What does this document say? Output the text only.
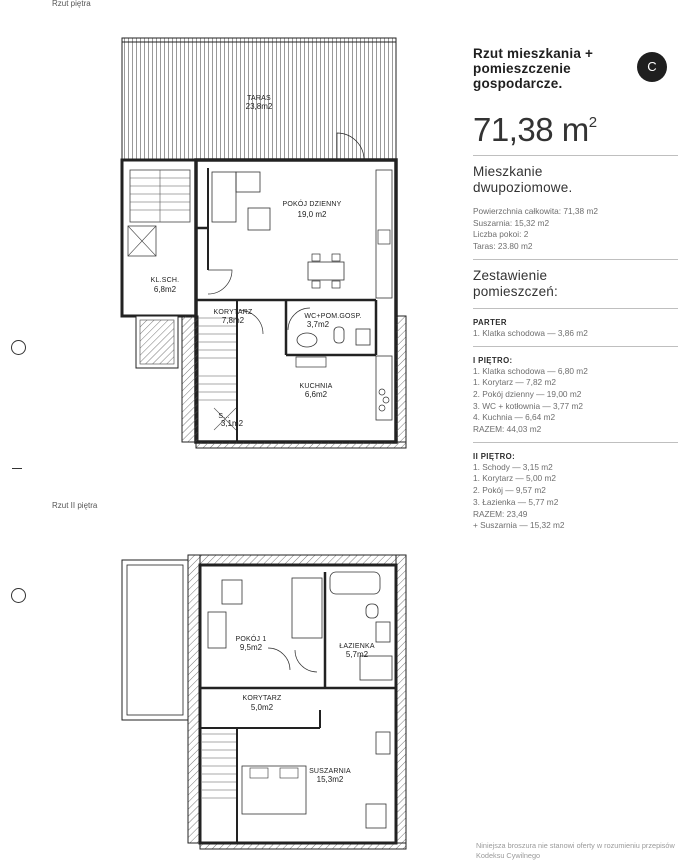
Rzut piętra
Rzut II piętra
TARAS
23,8m2
POKÓJ DZIENNY
19,0 m2
KL.SCH.
6,8m2
KORYTARZ
7,8m2	WC+POM.GOSP.
3,7m2
KUCHNIA
6,6m2
S...
3,1m2
POKÓJ 1
9,5m2	ŁAZIENKA
5,7m2
KORYTARZ
5,0m2
SUSZARNIA
15,3m2
Rzut mieszkania + pomieszczenie gospodarcze.
C
71,38 $m^2$
Mieszkanie dwupoziomowe.
Powierzchnia całkowita: 71,38 m2
Suszarnia: 15,32 m2
Liczba pokoi: 2
Taras: 23.80 m2
Zestawienie pomieszczeń:
PARTER
1. Klatka schodowa — 3,86 m2
I PIĘTRO:
1. Klatka schodowa — 6,80 m2
1. Korytarz — 7,82 m2
2. Pokój dzienny — 19,00 m2
3. WC + kotłownia — 3,77 m2
4. Kuchnia — 6,64 m2
RAZEM: 44,03 m2
II PIĘTRO:
1. Schody — 3,15 m2
1. Korytarz — 5,00 m2
2. Pokój — 9,57 m2
3. Łazienka — 5,77 m2
RAZEM: 23,49
+ Suszarnia — 15,32 m2
Niniejsza broszura nie stanowi oferty w rozumieniu przepisów Kodeksu Cywilnego
